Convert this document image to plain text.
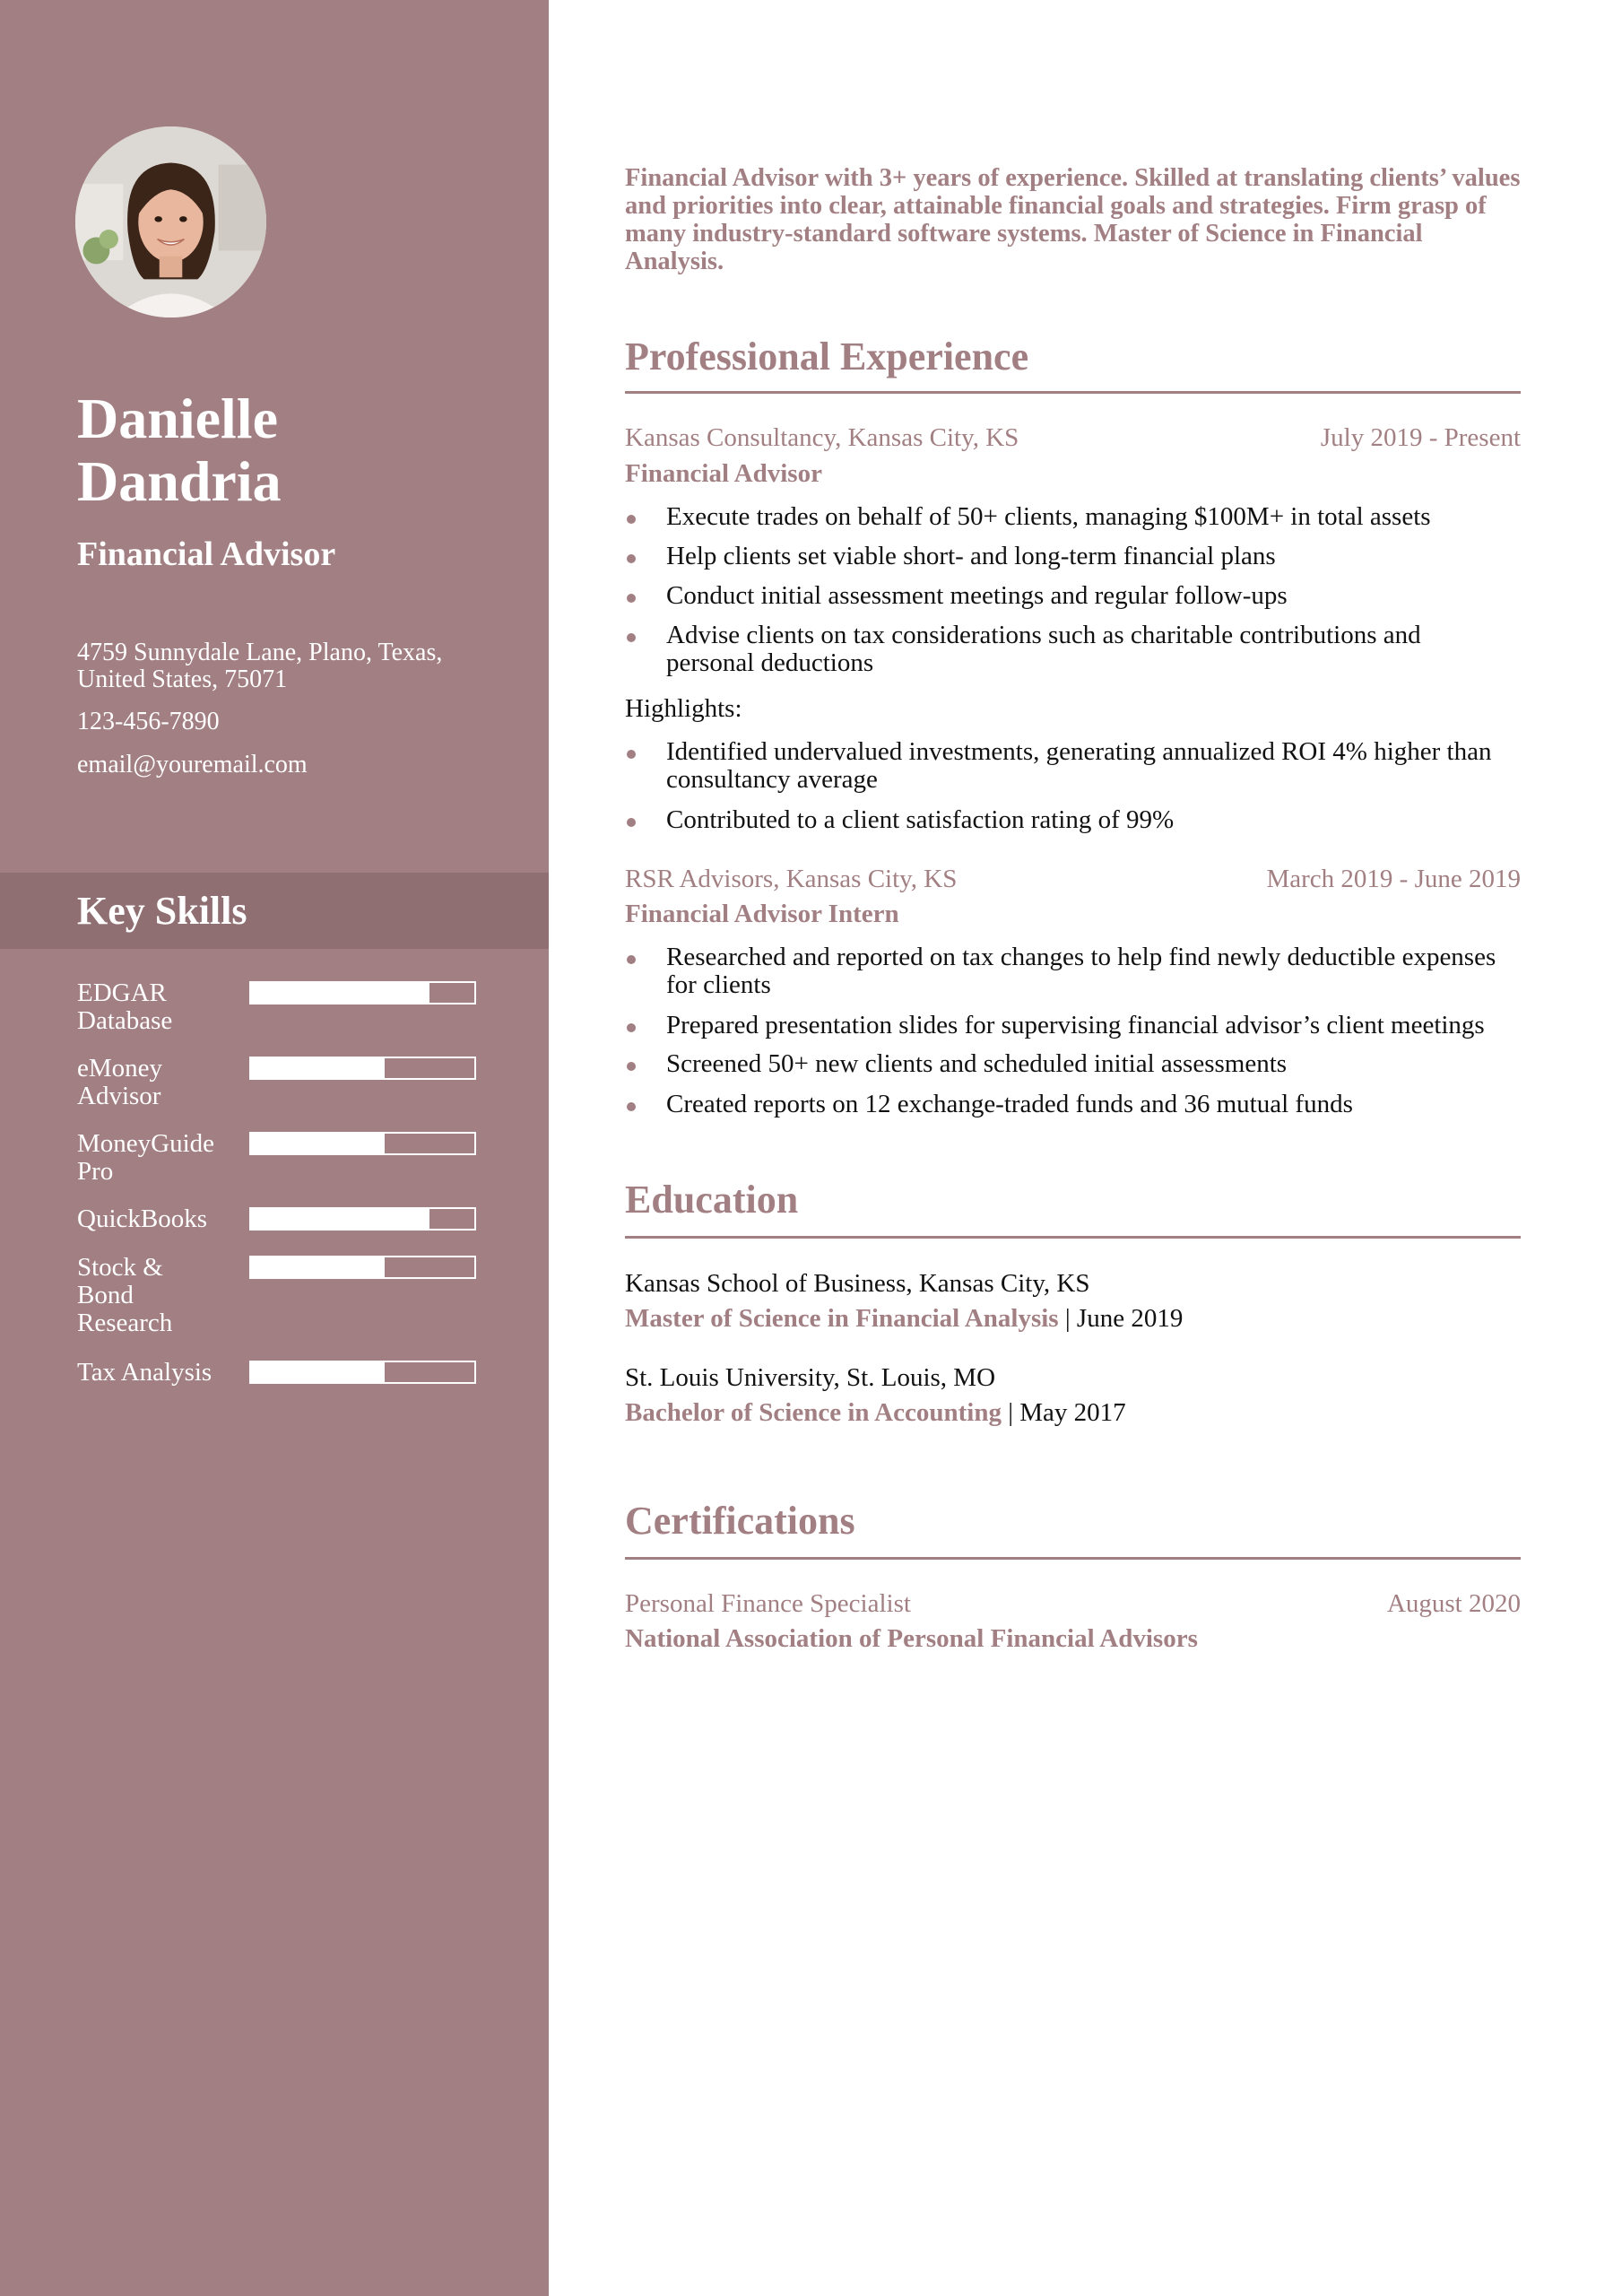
Danielle
Dandria
Financial Advisor
4759 Sunnydale Lane, Plano, Texas, United States, 75071
123-456-7890
email@youremail.com
Key Skills
EDGAR Database
eMoney Advisor
MoneyGuidePro
QuickBooks
Stock & Bond Research
Tax Analysis
Financial Advisor with 3+ years of experience. Skilled at translating clients’ values and priorities into clear, attainable financial goals and strategies. Firm grasp of many industry-standard software systems. Master of Science in Financial Analysis.
Professional Experience
Kansas Consultancy, Kansas City, KS	July 2019 - Present
Financial Advisor
Execute trades on behalf of 50+ clients, managing $100M+ in total assets
Help clients set viable short- and long-term financial plans
Conduct initial assessment meetings and regular follow-ups
Advise clients on tax considerations such as charitable contributions and personal deductions
Highlights:
Identified undervalued investments, generating annualized ROI 4% higher than consultancy average
Contributed to a client satisfaction rating of 99%
RSR Advisors, Kansas City, KS	March 2019 - June 2019
Financial Advisor Intern
Researched and reported on tax changes to help find newly deductible expenses for clients
Prepared presentation slides for supervising financial advisor’s client meetings
Screened 50+ new clients and scheduled initial assessments
Created reports on 12 exchange-traded funds and 36 mutual funds
Education
Kansas School of Business, Kansas City, KS
Master of Science in Financial Analysis | June 2019
St. Louis University, St. Louis, MO
Bachelor of Science in Accounting | May 2017
Certifications
Personal Finance Specialist	August 2020
National Association of Personal Financial Advisors
